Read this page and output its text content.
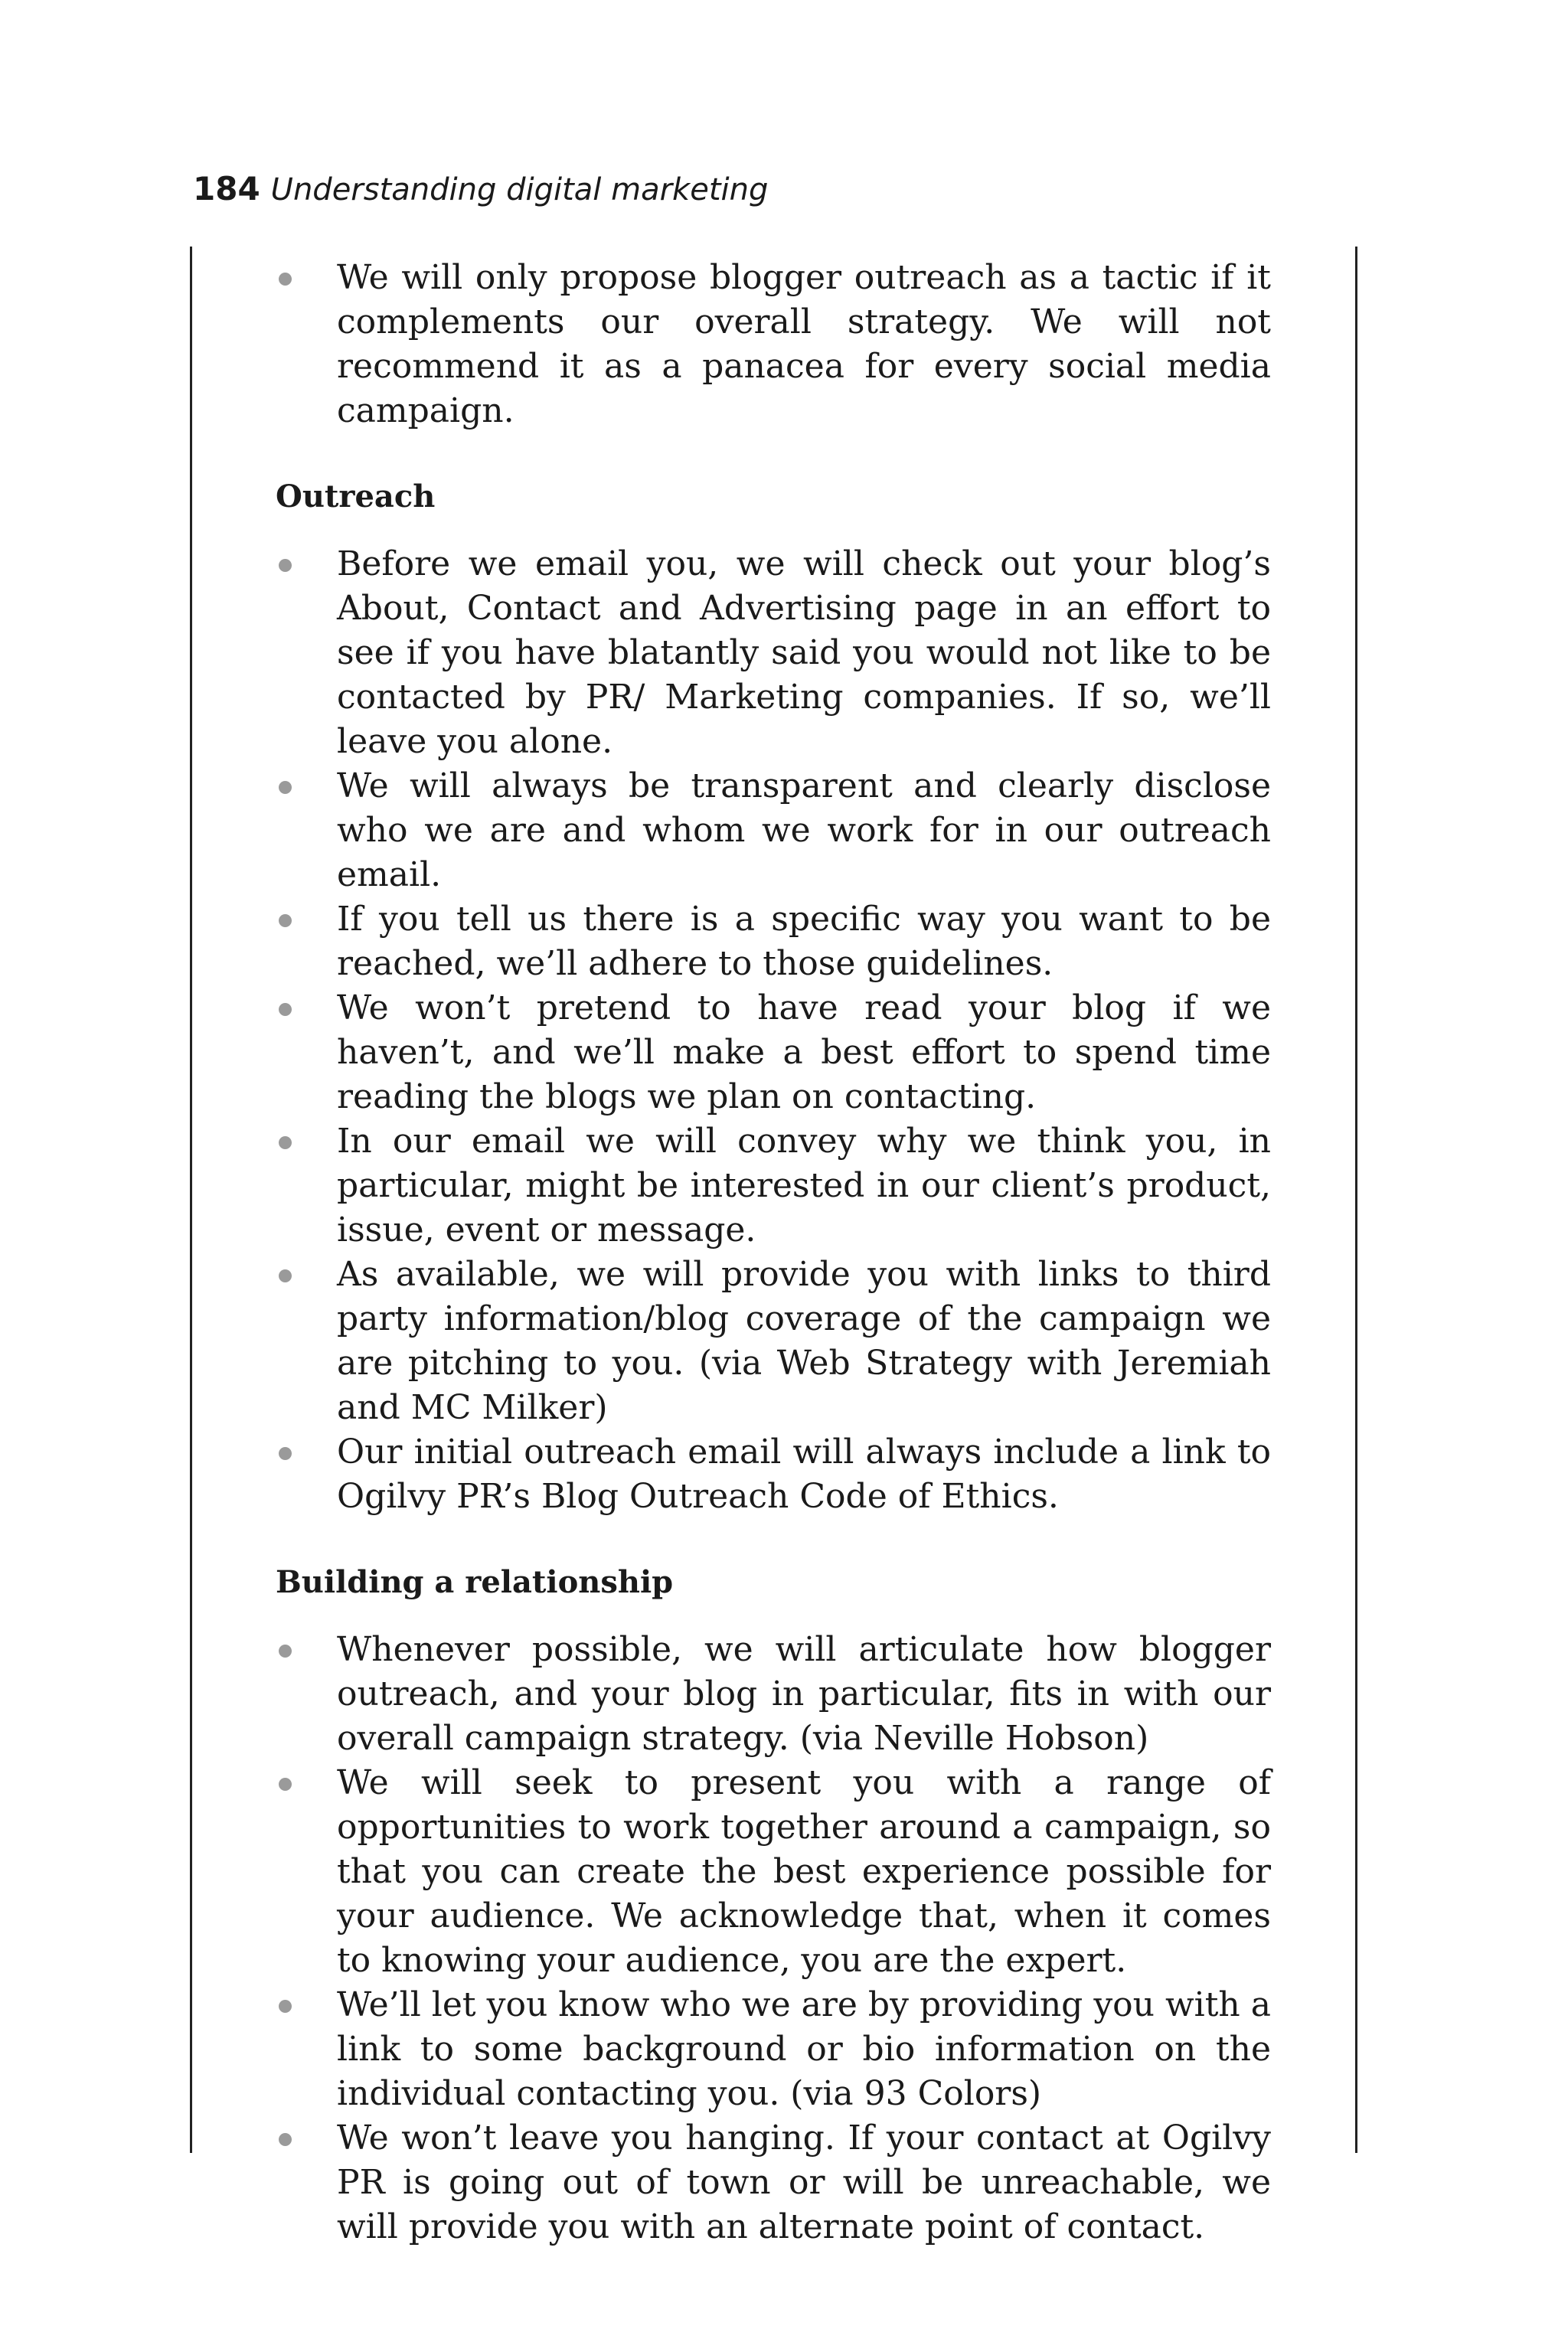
184 Understanding digital marketing
We will only propose blogger outreach as a tactic if it complements our overall strategy. We will not recommend it as a panacea for every social media campaign.
Outreach
Before we email you, we will check out your blog’s About, Contact and Advertising page in an effort to see if you have blatantly said you would not like to be contacted by PR/ Marketing companies. If so, we’ll leave you alone.
We will always be transparent and clearly disclose who we are and whom we work for in our outreach email.
If you tell us there is a specific way you want to be reached, we’ll adhere to those guidelines.
We won’t pretend to have read your blog if we haven’t, and we’ll make a best effort to spend time reading the blogs we plan on contacting.
In our email we will convey why we think you, in particular, might be interested in our client’s product, issue, event or message.
As available, we will provide you with links to third party information/blog coverage of the campaign we are pitching to you. (via Web Strategy with Jeremiah and MC Milker)
Our initial outreach email will always include a link to Ogilvy PR’s Blog Outreach Code of Ethics.
Building a relationship
Whenever possible, we will articulate how blogger outreach, and your blog in particular, fits in with our overall campaign strategy. (via Neville Hobson)
We will seek to present you with a range of opportunities to work together around a campaign, so that you can create the best experience possible for your audience. We acknowledge that, when it comes to knowing your audience, you are the expert.
We’ll let you know who we are by providing you with a link to some background or bio information on the individual contacting you. (via 93 Colors)
We won’t leave you hanging. If your contact at Ogilvy PR is going out of town or will be unreachable, we will provide you with an alternate point of contact.
